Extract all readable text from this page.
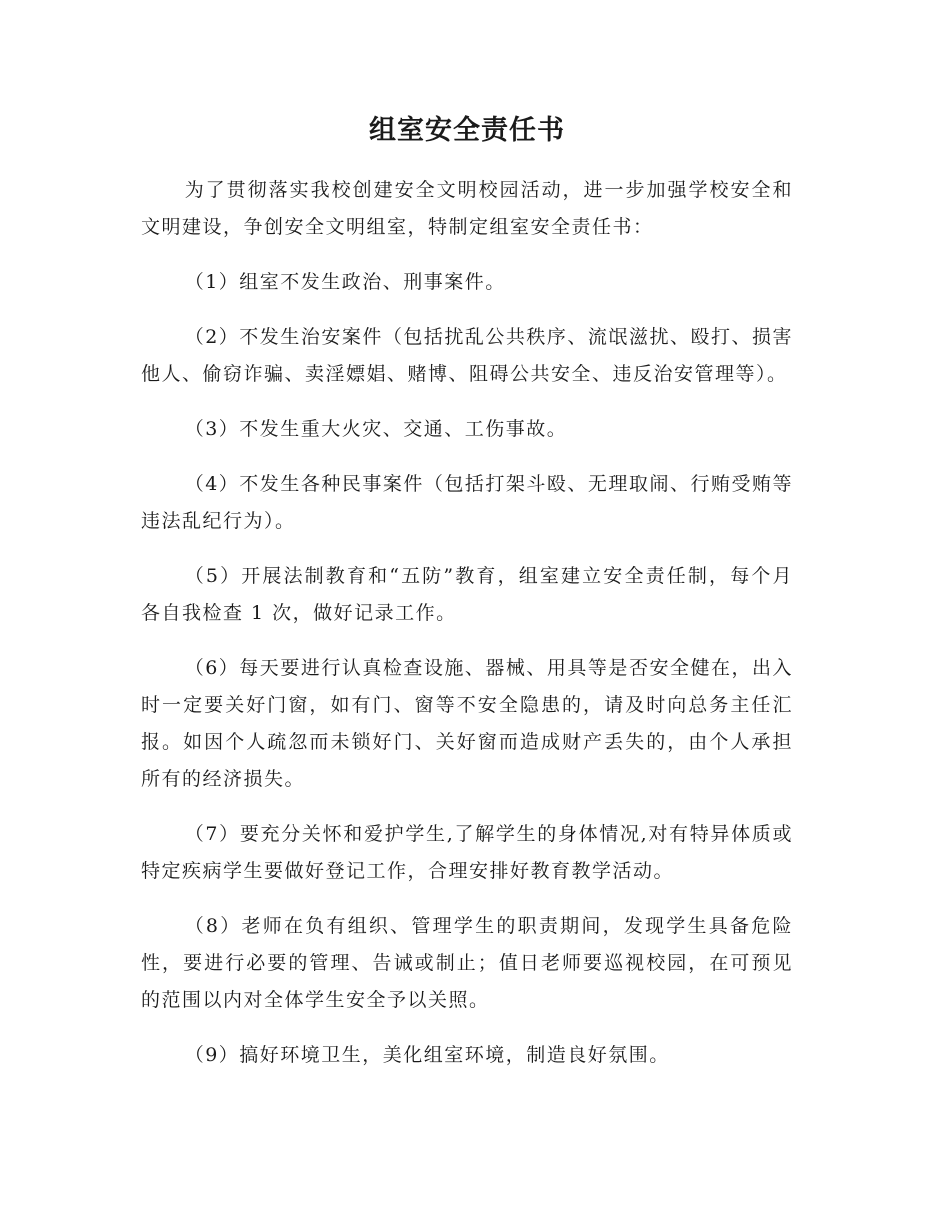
组室安全责任书

为了贯彻落实我校创建安全文明校园活动，进一步加强学校安全和文明建设，争创安全文明组室，特制定组室安全责任书：

（1）组室不发生政治、刑事案件。

（2）不发生治安案件（包括扰乱公共秩序、流氓滋扰、殴打、损害他人、偷窃诈骗、卖淫嫖娼、赌博、阻碍公共安全、违反治安管理等）。

（3）不发生重大火灾、交通、工伤事故。

（4）不发生各种民事案件（包括打架斗殴、无理取闹、行贿受贿等违法乱纪行为）。

（5）开展法制教育和“五防”教育，组室建立安全责任制，每个月各自我检查 1 次，做好记录工作。

（6）每天要进行认真检查设施、器械、用具等是否安全健在，出入时一定要关好门窗，如有门、窗等不安全隐患的，请及时向总务主任汇报。如因个人疏忽而未锁好门、关好窗而造成财产丢失的，由个人承担所有的经济损失。

（7）要充分关怀和爱护学生,了解学生的身体情况,对有特异体质或特定疾病学生要做好登记工作，合理安排好教育教学活动。

（8）老师在负有组织、管理学生的职责期间，发现学生具备危险性，要进行必要的管理、告诫或制止；值日老师要巡视校园，在可预见的范围以内对全体学生安全予以关照。

（9）搞好环境卫生，美化组室环境，制造良好氛围。
